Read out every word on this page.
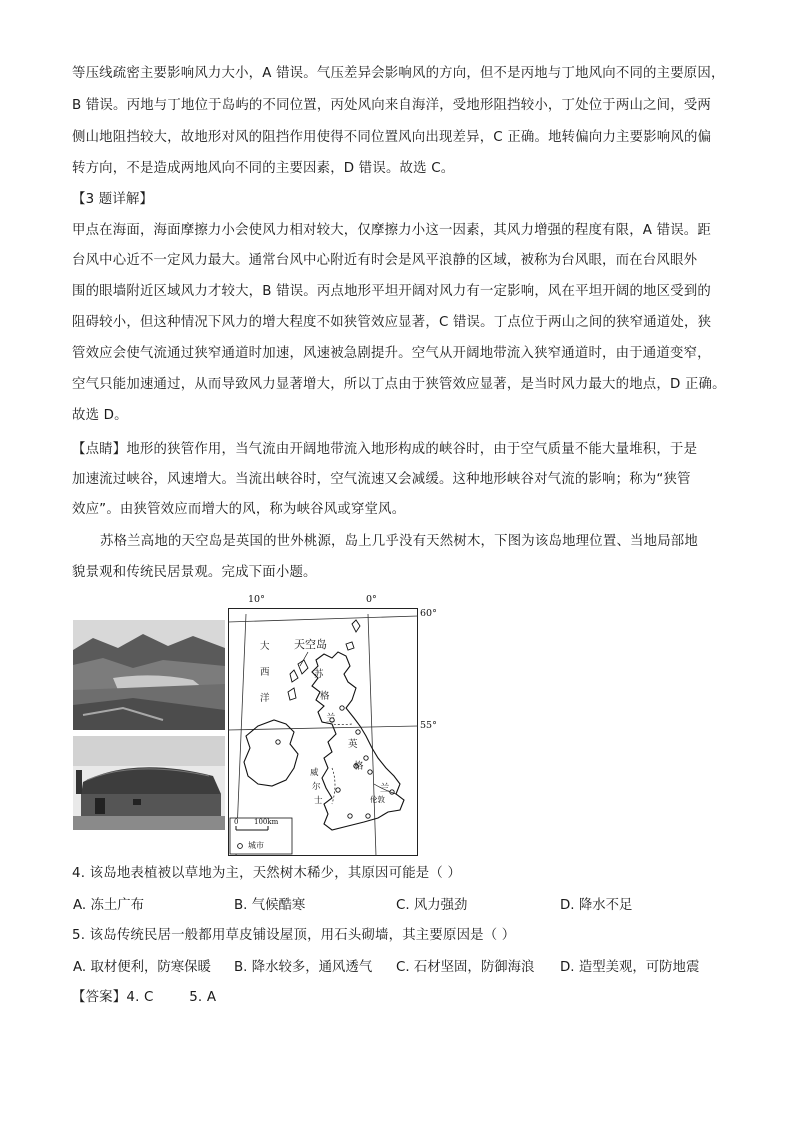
等压线疏密主要影响风力大小，A 错误。气压差异会影响风的方向，但不是丙地与丁地风向不同的主要原因，
B 错误。丙地与丁地位于岛屿的不同位置，丙处风向来自海洋，受地形阻挡较小，丁处位于两山之间，受两
侧山地阻挡较大，故地形对风的阻挡作用使得不同位置风向出现差异，C 正确。地转偏向力主要影响风的偏
转方向，不是造成两地风向不同的主要因素，D 错误。故选 C。
【3 题详解】
甲点在海面，海面摩擦力小会使风力相对较大，仅摩擦力小这一因素，其风力增强的程度有限，A 错误。距
台风中心近不一定风力最大。通常台风中心附近有时会是风平浪静的区域，被称为台风眼，而在台风眼外
围的眼墙附近区域风力才较大，B 错误。丙点地形平坦开阔对风力有一定影响，风在平坦开阔的地区受到的
阻碍较小，但这种情况下风力的增大程度不如狭管效应显著，C 错误。丁点位于两山之间的狭窄通道处，狭
管效应会使气流通过狭窄通道时加速，风速被急剧提升。空气从开阔地带流入狭窄通道时，由于通道变窄，
空气只能加速通过，从而导致风力显著增大，所以丁点由于狭管效应显著，是当时风力最大的地点，D 正确。
故选 D。
【点睛】地形的狭管作用，当气流由开阔地带流入地形构成的峡谷时，由于空气质量不能大量堆积，于是
加速流过峡谷，风速增大。当流出峡谷时，空气流速又会减缓。这种地形峡谷对气流的影响；称为“狭管
效应”。由狭管效应而增大的风，称为峡谷风或穿堂风。
苏格兰高地的天空岛是英国的世外桃源，岛上几乎没有天然树木，下图为该岛地理位置、当地局部地
貌景观和传统民居景观。完成下面小题。
10°	0°
60°
55°
大
西
洋
天空岛
苏
格
兰
英
格
兰
威
尔
士	伦敦
0 100km
城市
4. 该岛地表植被以草地为主，天然树木稀少，其原因可能是（ ）
A. 冻土广布	B. 气候酷寒	C. 风力强劲	D. 降水不足
5. 该岛传统民居一般都用草皮铺设屋顶，用石头砌墙，其主要原因是（ ）
A. 取材便利，防寒保暖 B. 降水较多，通风透气 C. 石材坚固，防御海浪 D. 造型美观，可防地震
【答案】4. C        5. A
